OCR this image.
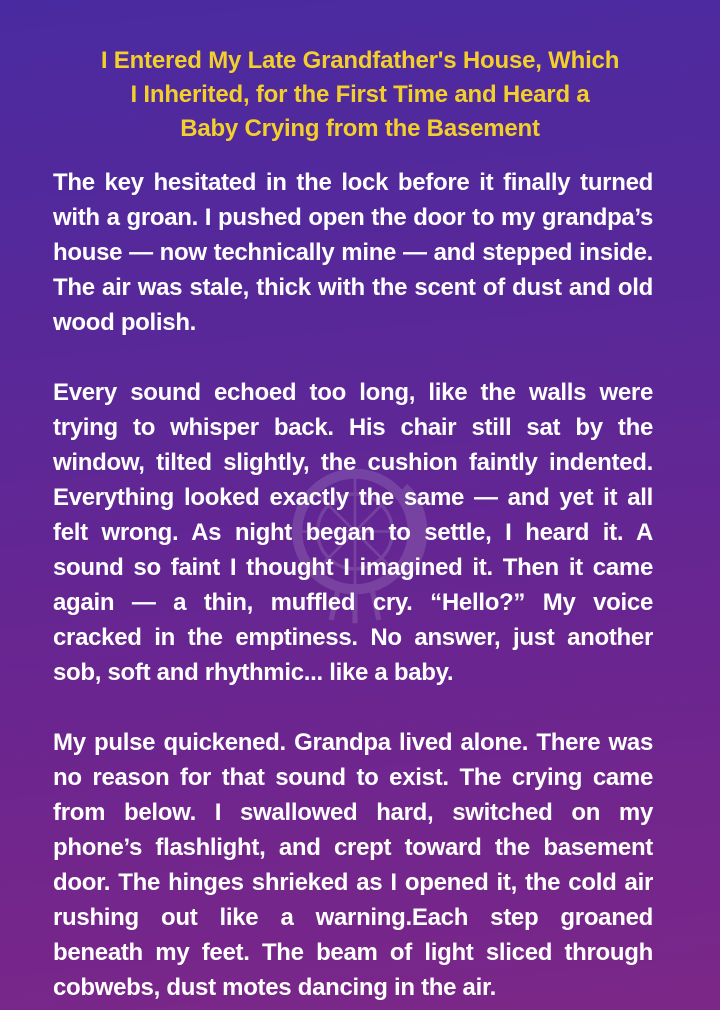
I Entered My Late Grandfather's House, Which
I Inherited, for the First Time and Heard a
Baby Crying from the Basement

The key hesitated in the lock before it finally turned with a groan. I pushed open the door to my grandpa’s house — now technically mine — and stepped inside. The air was stale, thick with the scent of dust and old wood polish.

Every sound echoed too long, like the walls were trying to whisper back. His chair still sat by the window, tilted slightly, the cushion faintly indented. Everything looked exactly the same — and yet it all felt wrong. As night began to settle, I heard it. A sound so faint I thought I imagined it. Then it came again — a thin, muffled cry. “Hello?” My voice cracked in the emptiness. No answer, just another sob, soft and rhythmic... like a baby.

My pulse quickened. Grandpa lived alone. There was no reason for that sound to exist. The crying came from below. I swallowed hard, switched on my phone’s flashlight, and crept toward the basement door. The hinges shrieked as I opened it, the cold air rushing out like a warning.Each step groaned beneath my feet. The beam of light sliced through cobwebs, dust motes dancing in the air.
